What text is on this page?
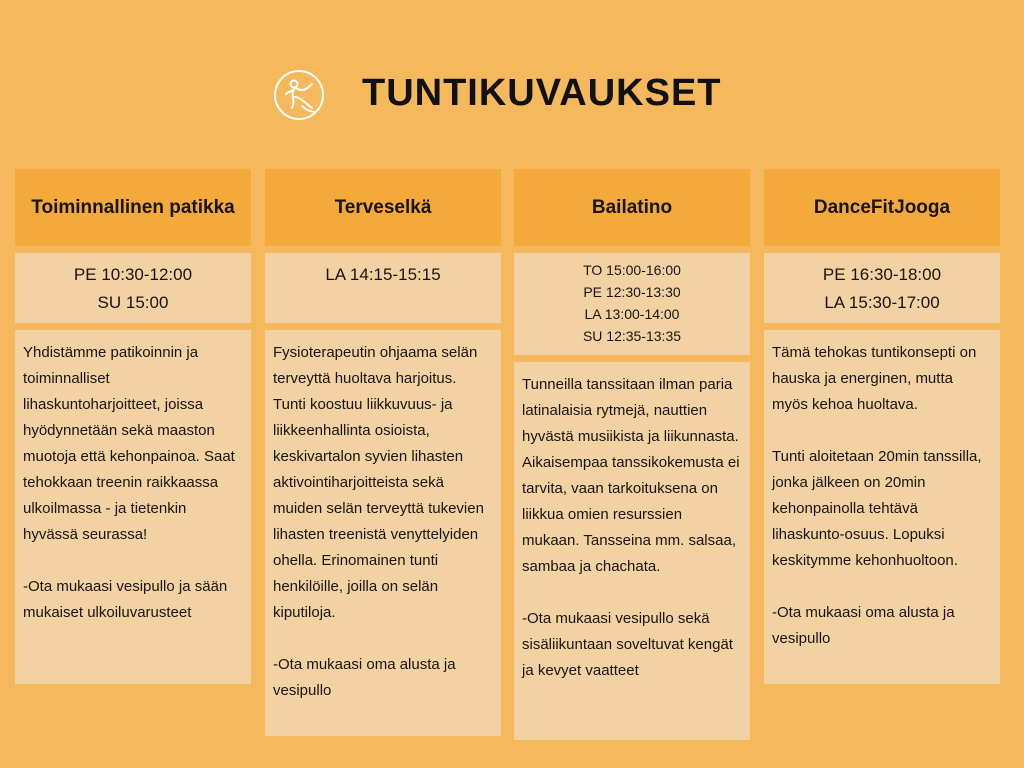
TUNTIKUVAUKSET
Toiminnallinen patikka
PE 10:30-12:00
SU 15:00
Yhdistämme patikoinnin ja toiminnalliset lihaskuntoharjoitteet, joissa hyödynnetään sekä maaston muotoja että kehonpainoa. Saat tehokkaan treenin raikkaassa ulkoilmassa - ja tietenkin hyvässä seurassa!

-Ota mukaasi vesipullo ja sään mukaiset ulkoiluvarusteet
Terveselkä
LA 14:15-15:15
Fysioterapeutin ohjaama selän terveyttä huoltava harjoitus. Tunti koostuu liikkuvuus- ja liikkeenhallinta osioista, keskivartalon syvien lihasten aktivointiharjoitteista sekä muiden selän terveyttä tukevien lihasten treenistä venyttelyiden ohella. Erinomainen tunti henkilöille, joilla on selän kiputiloja.

-Ota mukaasi oma alusta ja vesipullo
Bailatino
TO 15:00-16:00
PE 12:30-13:30
LA 13:00-14:00
SU 12:35-13:35
Tunneilla tanssitaan ilman paria latinalaisia rytmejä, nauttien hyvästä musiikista ja liikunnasta. Aikaisempaa tanssikokemusta ei tarvita, vaan tarkoituksena on liikkua omien resurssien mukaan. Tansseina mm. salsaa, sambaa ja chachata.

-Ota mukaasi vesipullo sekä sisäliikuntaan soveltuvat kengät ja kevyet vaatteet
DanceFitJooga
PE 16:30-18:00
LA 15:30-17:00
Tämä tehokas tuntikonsepti on hauska ja energinen, mutta myös kehoa huoltava.

Tunti aloitetaan 20min tanssilla, jonka jälkeen on 20min kehonpainolla tehtävä lihaskunto-osuus. Lopuksi keskitymme kehonhuoltoon.

-Ota mukaasi oma alusta ja vesipullo
